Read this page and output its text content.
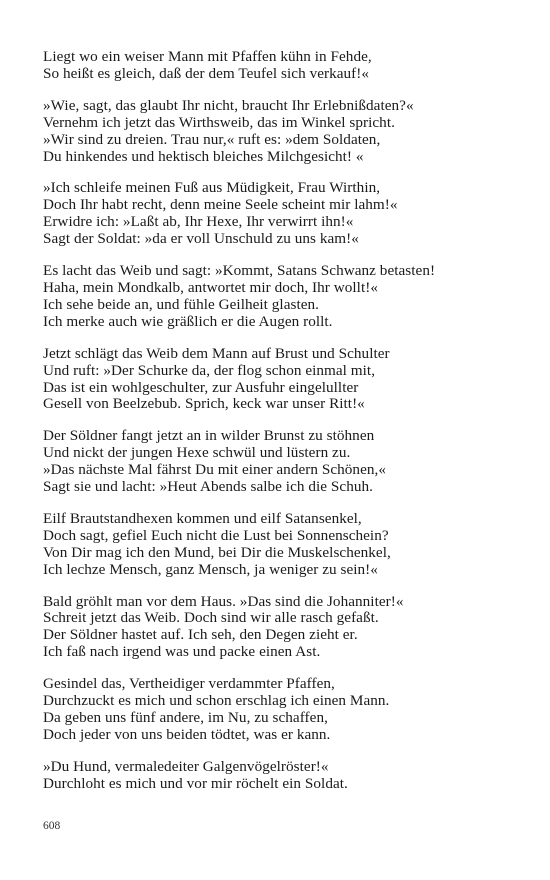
Liegt wo ein weiser Mann mit Pfaffen kühn in Fehde,
So heißt es gleich, daß der dem Teufel sich verkauf!«
»Wie, sagt, das glaubt Ihr nicht, braucht Ihr Erlebnißdaten?«
Vernehm ich jetzt das Wirthsweib, das im Winkel spricht.
»Wir sind zu dreien. Trau nur,« ruft es: »dem Soldaten,
Du hinkendes und hektisch bleiches Milchgesicht! «
»Ich schleife meinen Fuß aus Müdigkeit, Frau Wirthin,
Doch Ihr habt recht, denn meine Seele scheint mir lahm!«
Erwidre ich: »Laßt ab, Ihr Hexe, Ihr verwirrt ihn!«
Sagt der Soldat: »da er voll Unschuld zu uns kam!«
Es lacht das Weib und sagt: »Kommt, Satans Schwanz betasten!
Haha, mein Mondkalb, antwortet mir doch, Ihr wollt!«
Ich sehe beide an, und fühle Geilheit glasten.
Ich merke auch wie gräßlich er die Augen rollt.
Jetzt schlägt das Weib dem Mann auf Brust und Schulter
Und ruft: »Der Schurke da, der flog schon einmal mit,
Das ist ein wohlgeschulter, zur Ausfuhr eingelullter
Gesell von Beelzebub. Sprich, keck war unser Ritt!«
Der Söldner fangt jetzt an in wilder Brunst zu stöhnen
Und nickt der jungen Hexe schwül und lüstern zu.
»Das nächste Mal fährst Du mit einer andern Schönen,«
Sagt sie und lacht: »Heut Abends salbe ich die Schuh.
Eilf Brautstandhexen kommen und eilf Satansenkel,
Doch sagt, gefiel Euch nicht die Lust bei Sonnenschein?
Von Dir mag ich den Mund, bei Dir die Muskelschenkel,
Ich lechze Mensch, ganz Mensch, ja weniger zu sein!«
Bald gröhlt man vor dem Haus. »Das sind die Johanniter!«
Schreit jetzt das Weib. Doch sind wir alle rasch gefaßt.
Der Söldner hastet auf. Ich seh, den Degen zieht er.
Ich faß nach irgend was und packe einen Ast.
Gesindel das, Vertheidiger verdammter Pfaffen,
Durchzuckt es mich und schon erschlag ich einen Mann.
Da geben uns fünf andere, im Nu, zu schaffen,
Doch jeder von uns beiden tödtet, was er kann.
»Du Hund, vermaledeiter Galgenvögelröster!«
Durchloht es mich und vor mir röchelt ein Soldat.
608
